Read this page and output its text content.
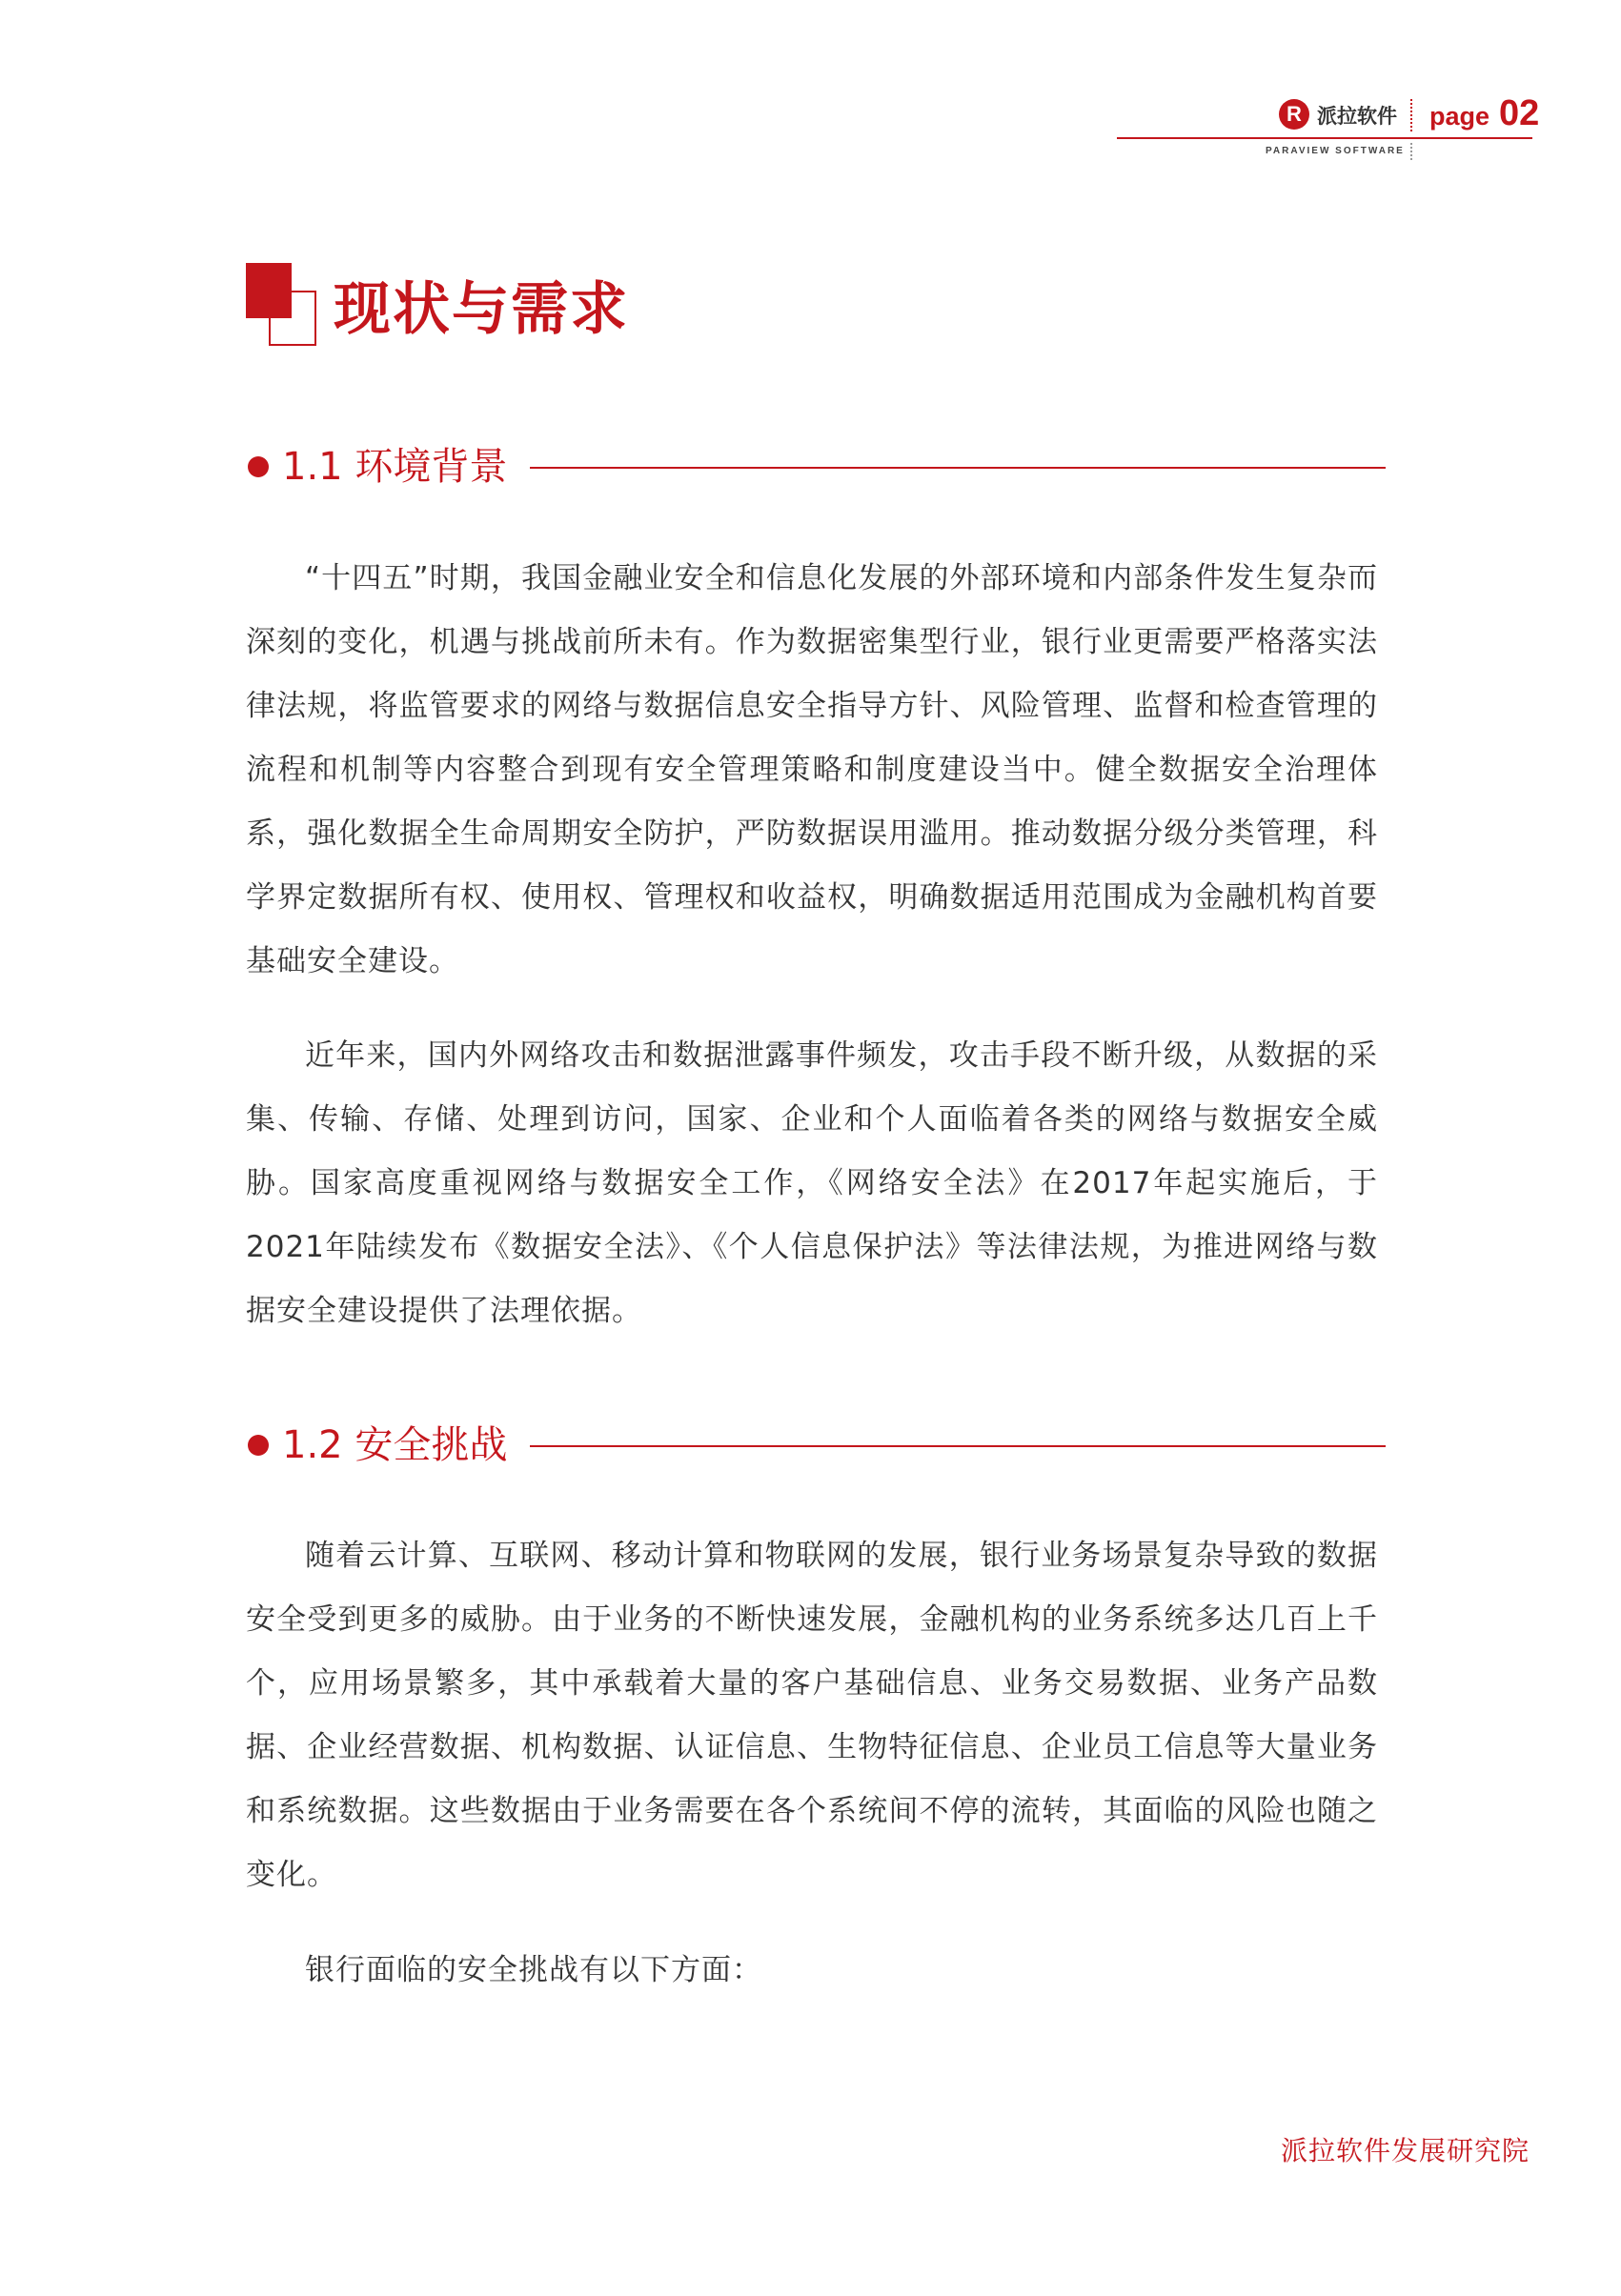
R 派拉软件 page 02
PARAVIEW SOFTWARE
现状与需求
1.1 环境背景

“十四五”时期，我国金融业安全和信息化发展的外部环境和内部条件发生复杂而深刻的变化，机遇与挑战前所未有。作为数据密集型行业，银行业更需要严格落实法律法规，将监管要求的网络与数据信息安全指导方针、风险管理、监督和检查管理的流程和机制等内容整合到现有安全管理策略和制度建设当中。健全数据安全治理体系，强化数据全生命周期安全防护，严防数据误用滥用。推动数据分级分类管理，科学界定数据所有权、使用权、管理权和收益权，明确数据适用范围成为金融机构首要基础安全建设。

近年来，国内外网络攻击和数据泄露事件频发，攻击手段不断升级，从数据的采集、传输、存储、处理到访问，国家、企业和个人面临着各类的网络与数据安全威胁。国家高度重视网络与数据安全工作，《网络安全法》在2017年起实施后，于2021年陆续发布《数据安全法》、《个人信息保护法》等法律法规，为推进网络与数据安全建设提供了法理依据。

1.2 安全挑战

随着云计算、互联网、移动计算和物联网的发展，银行业务场景复杂导致的数据安全受到更多的威胁。由于业务的不断快速发展，金融机构的业务系统多达几百上千个，应用场景繁多，其中承载着大量的客户基础信息、业务交易数据、业务产品数据、企业经营数据、机构数据、认证信息、生物特征信息、企业员工信息等大量业务和系统数据。这些数据由于业务需要在各个系统间不停的流转，其面临的风险也随之变化。

银行面临的安全挑战有以下方面：

派拉软件发展研究院
